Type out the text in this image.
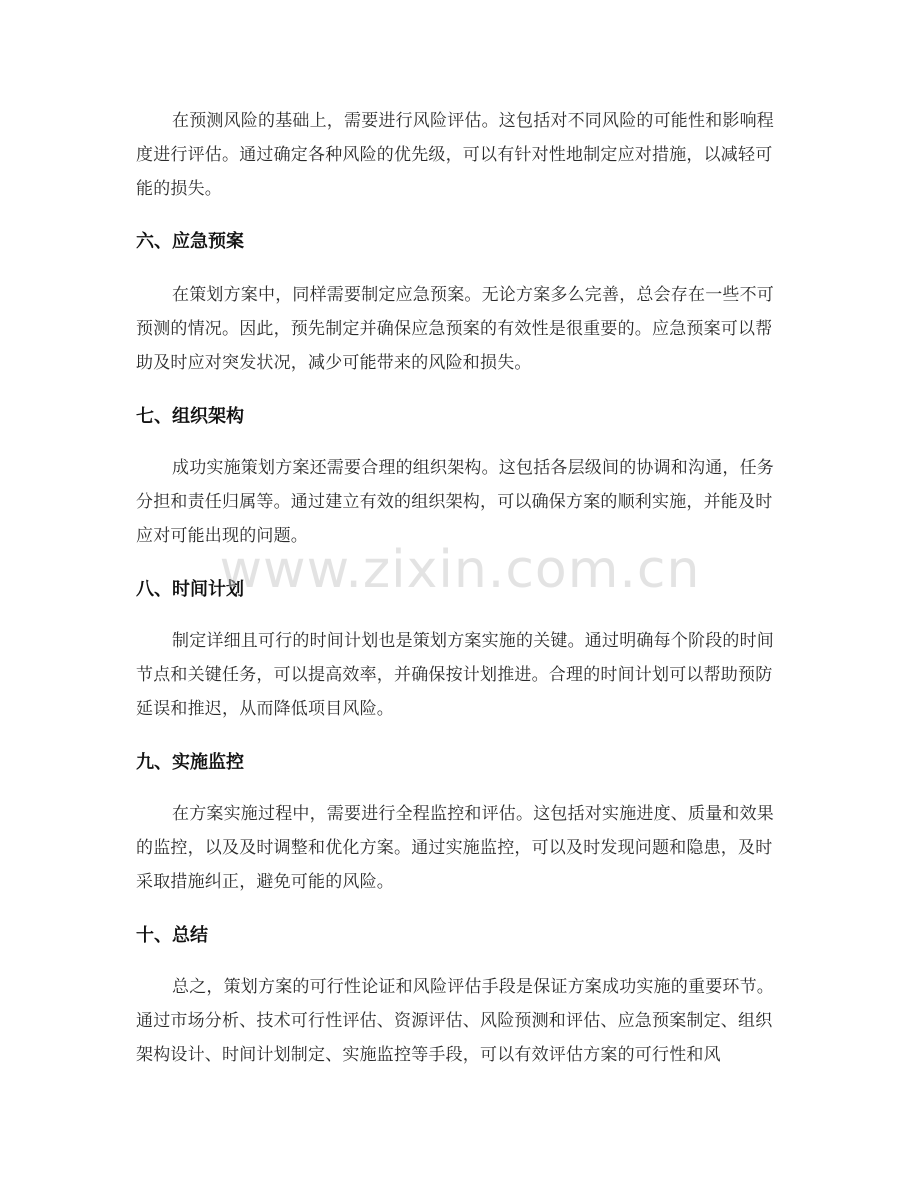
在预测风险的基础上，需要进行风险评估。这包括对不同风险的可能性和影响程度进行评估。通过确定各种风险的优先级，可以有针对性地制定应对措施，以减轻可能的损失。

六、应急预案

在策划方案中，同样需要制定应急预案。无论方案多么完善，总会存在一些不可预测的情况。因此，预先制定并确保应急预案的有效性是很重要的。应急预案可以帮助及时应对突发状况，减少可能带来的风险和损失。

七、组织架构

成功实施策划方案还需要合理的组织架构。这包括各层级间的协调和沟通，任务分担和责任归属等。通过建立有效的组织架构，可以确保方案的顺利实施，并能及时应对可能出现的问题。

八、时间计划

制定详细且可行的时间计划也是策划方案实施的关键。通过明确每个阶段的时间节点和关键任务，可以提高效率，并确保按计划推进。合理的时间计划可以帮助预防延误和推迟，从而降低项目风险。

九、实施监控

在方案实施过程中，需要进行全程监控和评估。这包括对实施进度、质量和效果的监控，以及及时调整和优化方案。通过实施监控，可以及时发现问题和隐患，及时采取措施纠正，避免可能的风险。

十、总结

总之，策划方案的可行性论证和风险评估手段是保证方案成功实施的重要环节。通过市场分析、技术可行性评估、资源评估、风险预测和评估、应急预案制定、组织架构设计、时间计划制定、实施监控等手段，可以有效评估方案的可行性和风

www.zixin.com.cn
